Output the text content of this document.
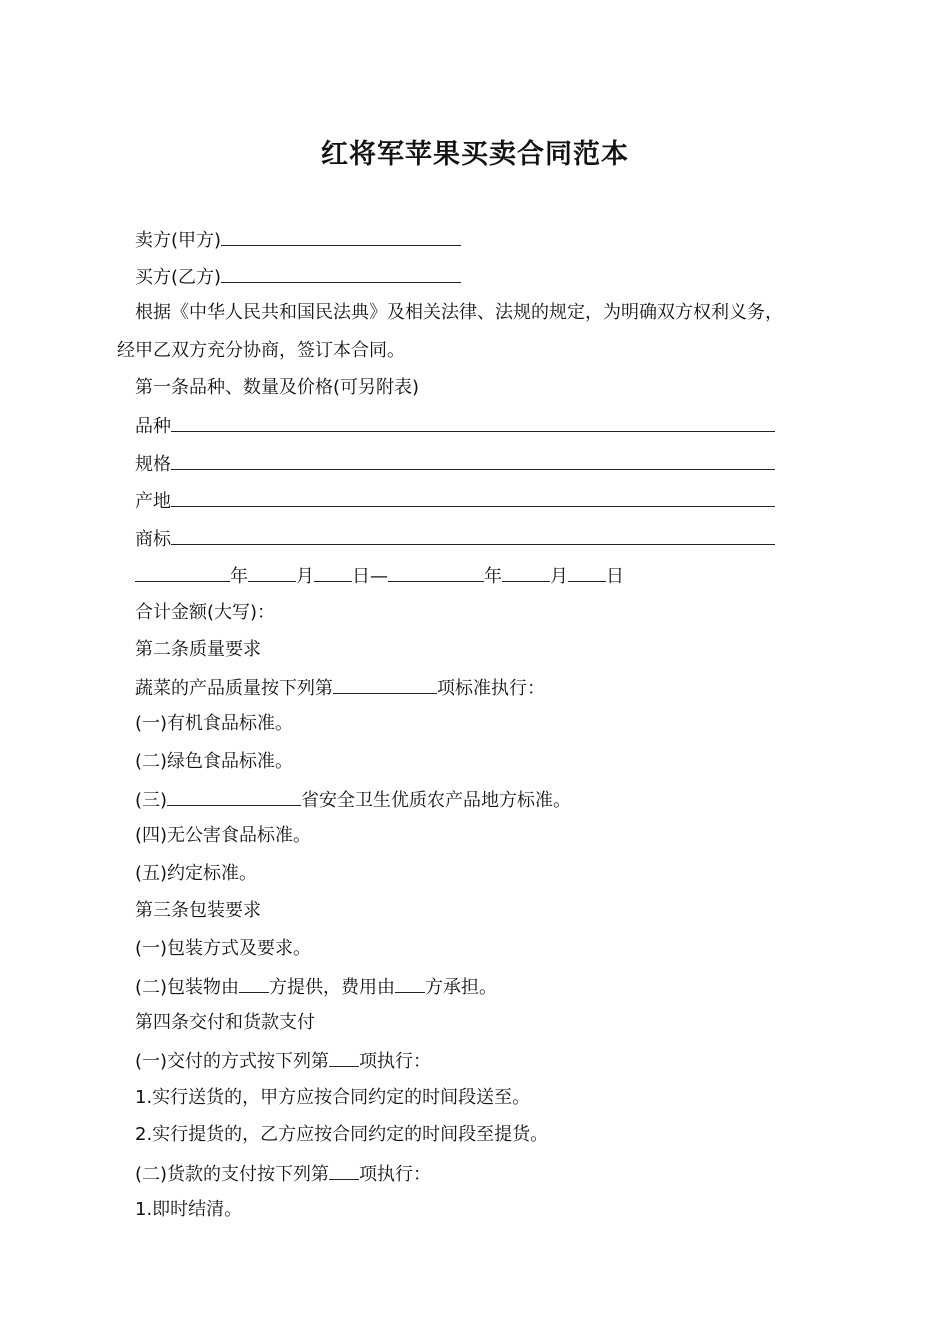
红将军苹果买卖合同范本
卖方(甲方)
买方(乙方)
根据《中华人民共和国民法典》及相关法律、法规的规定，为明确双方权利义务，
经甲乙双方充分协商，签订本合同。
第一条品种、数量及价格(可另附表)
品种
规格
产地
商标
年	月 日—	年	月 日
合计金额(大写)：
第二条质量要求
蔬菜的产品质量按下列第	项标准执行：
(一)有机食品标准。
(二)绿色食品标准。
(三)	省安全卫生优质农产品地方标准。
(四)无公害食品标准。
(五)约定标准。
第三条包装要求
(一)包装方式及要求。
(二)包装物由 方提供，费用由 方承担。
第四条交付和货款支付
(一)交付的方式按下列第 项执行：
1.实行送货的，甲方应按合同约定的时间段送至。
2.实行提货的，乙方应按合同约定的时间段至提货。
(二)货款的支付按下列第 项执行：
1.即时结清。
